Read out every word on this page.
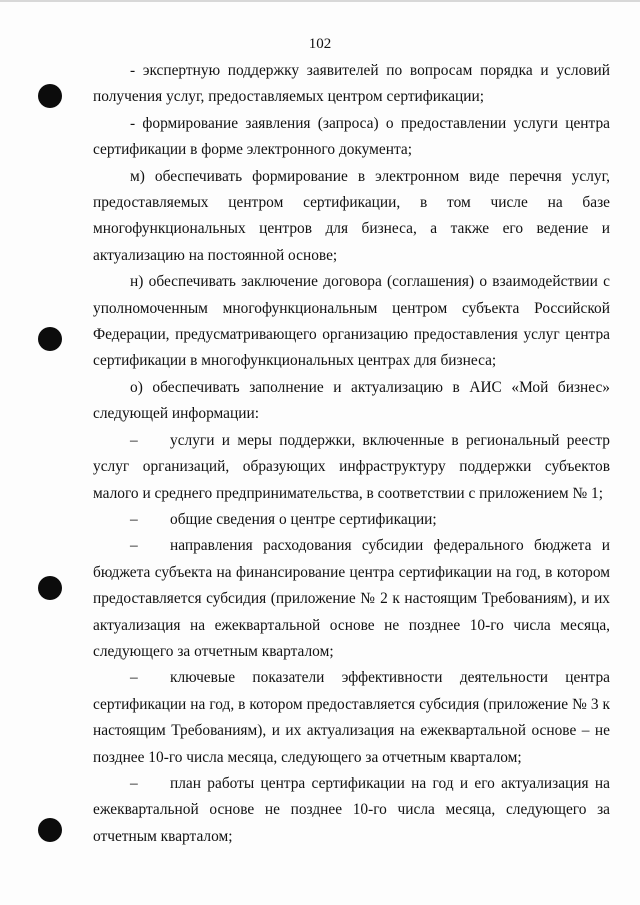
102

- экспертную поддержку заявителей по вопросам порядка и условий получения услуг, предоставляемых центром сертификации;

- формирование заявления (запроса) о предоставлении услуги центра сертификации в форме электронного документа;

м) обеспечивать формирование в электронном виде перечня услуг, предоставляемых центром сертификации, в том числе на базе многофункциональных центров для бизнеса, а также его ведение и актуализацию на постоянной основе;

н) обеспечивать заключение договора (соглашения) о взаимодействии с уполномоченным многофункциональным центром субъекта Российской Федерации, предусматривающего организацию предоставления услуг центра сертификации в многофункциональных центрах для бизнеса;

о) обеспечивать заполнение и актуализацию в АИС «Мой бизнес» следующей информации:

– услуги и меры поддержки, включенные в региональный реестр услуг организаций, образующих инфраструктуру поддержки субъектов малого и среднего предпринимательства, в соответствии с приложением № 1;

– общие сведения о центре сертификации;

– направления расходования субсидии федерального бюджета и бюджета субъекта на финансирование центра сертификации на год, в котором предоставляется субсидия (приложение № 2 к настоящим Требованиям), и их актуализация на ежеквартальной основе не позднее 10-го числа месяца, следующего за отчетным кварталом;

– ключевые показатели эффективности деятельности центра сертификации на год, в котором предоставляется субсидия (приложение № 3 к настоящим Требованиям), и их актуализация на ежеквартальной основе – не позднее 10-го числа месяца, следующего за отчетным кварталом;

– план работы центра сертификации на год и его актуализация на ежеквартальной основе не позднее 10-го числа месяца, следующего за отчетным кварталом;
